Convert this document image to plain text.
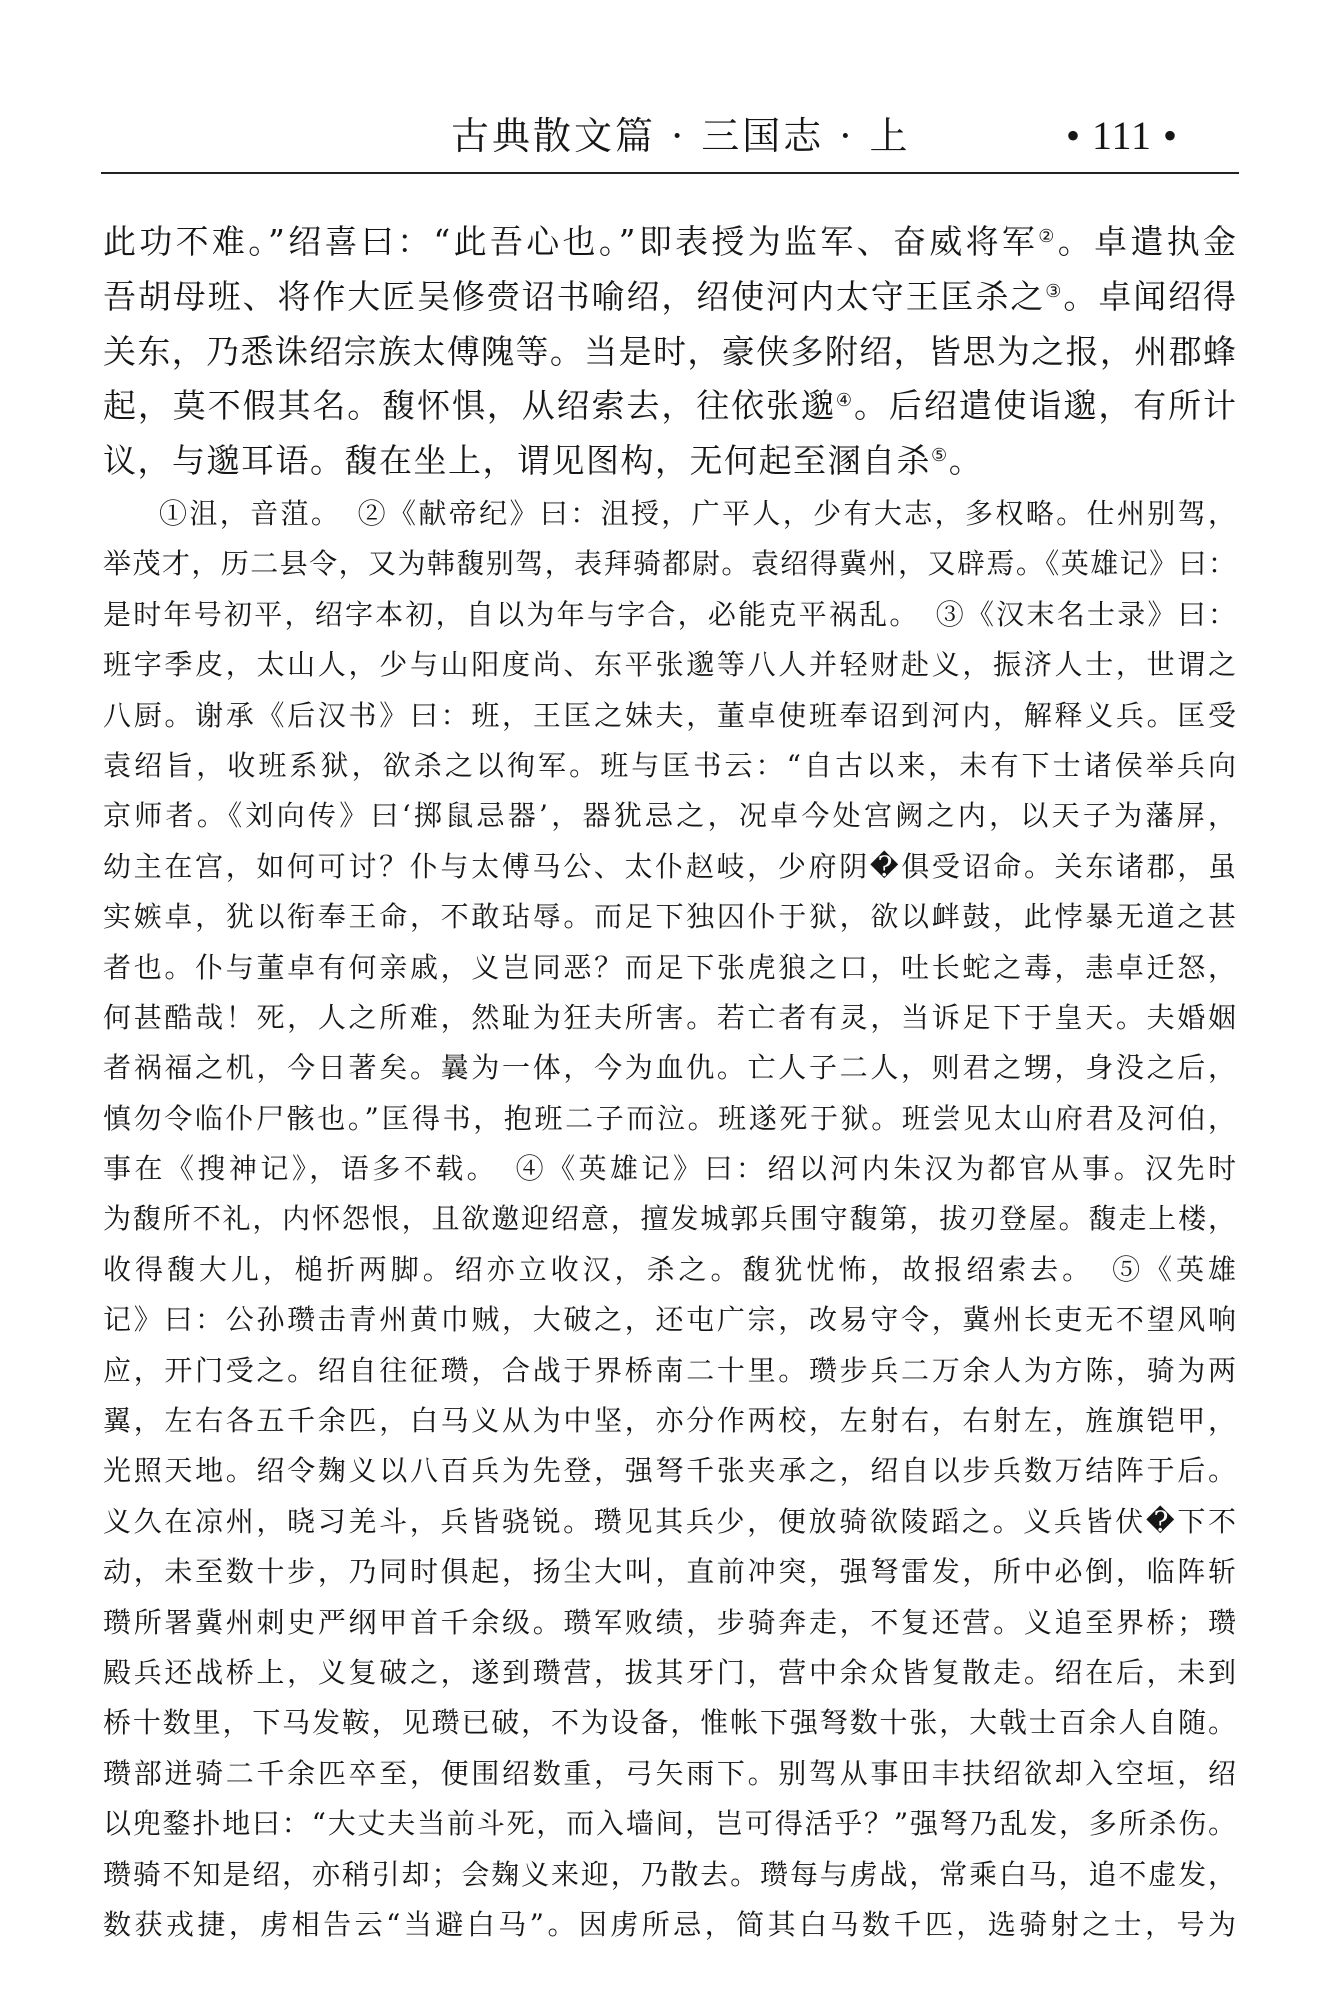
古典散文篇 · 三国志 · 上	• 111 •
此功不难。”绍喜曰：“此吾心也。”即表授为监军、奋威将军②。卓遣执金
吾胡母班、将作大匠吴修赍诏书喻绍，绍使河内太守王匡杀之③。卓闻绍得
关东，乃悉诛绍宗族太傅隗等。当是时，豪侠多附绍，皆思为之报，州郡蜂
起，莫不假其名。馥怀惧，从绍索去，往依张邈④。后绍遣使诣邈，有所计
议，与邈耳语。馥在坐上，谓见图构，无何起至溷自杀⑤。
①沮，音菹。　②《献帝纪》曰：沮授，广平人，少有大志，多权略。仕州别驾，
举茂才，历二县令，又为韩馥别驾，表拜骑都尉。袁绍得冀州，又辟焉。《英雄记》曰：
是时年号初平，绍字本初，自以为年与字合，必能克平祸乱。　③《汉末名士录》曰：
班字季皮，太山人，少与山阳度尚、东平张邈等八人并轻财赴义，振济人士，世谓之
八厨。谢承《后汉书》曰：班，王匡之妹夫，董卓使班奉诏到河内，解释义兵。匡受
袁绍旨，收班系狱，欲杀之以徇军。班与匡书云：“自古以来，未有下士诸侯举兵向
京师者。《刘向传》曰‘掷鼠忌器’，器犹忌之，况卓今处宫阙之内，以天子为藩屏，
幼主在宫，如何可讨？仆与太傅马公、太仆赵岐，少府阴�俱受诏命。关东诸郡，虽
实嫉卓，犹以衔奉王命，不敢玷辱。而足下独囚仆于狱，欲以衅鼓，此悖暴无道之甚
者也。仆与董卓有何亲戚，义岂同恶？而足下张虎狼之口，吐长蛇之毒，恚卓迁怒，
何甚酷哉！死，人之所难，然耻为狂夫所害。若亡者有灵，当诉足下于皇天。夫婚姻
者祸福之机，今日著矣。曩为一体，今为血仇。亡人子二人，则君之甥，身没之后，
慎勿令临仆尸骸也。”匡得书，抱班二子而泣。班遂死于狱。班尝见太山府君及河伯，
事在《搜神记》，语多不载。　④《英雄记》曰：绍以河内朱汉为都官从事。汉先时
为馥所不礼，内怀怨恨，且欲邀迎绍意，擅发城郭兵围守馥第，拔刃登屋。馥走上楼，
收得馥大儿，槌折两脚。绍亦立收汉，杀之。馥犹忧怖，故报绍索去。　⑤《英雄
记》曰：公孙瓒击青州黄巾贼，大破之，还屯广宗，改易守令，冀州长吏无不望风响
应，开门受之。绍自往征瓒，合战于界桥南二十里。瓒步兵二万余人为方陈，骑为两
翼，左右各五千余匹，白马义从为中坚，亦分作两校，左射右，右射左，旌旗铠甲，
光照天地。绍令麹义以八百兵为先登，强弩千张夹承之，绍自以步兵数万结阵于后。
义久在凉州，晓习羌斗，兵皆骁锐。瓒见其兵少，便放骑欲陵蹈之。义兵皆伏�下不
动，未至数十步，乃同时俱起，扬尘大叫，直前冲突，强弩雷发，所中必倒，临阵斩
瓒所署冀州刺史严纲甲首千余级。瓒军败绩，步骑奔走，不复还营。义追至界桥；瓒
殿兵还战桥上，义复破之，遂到瓒营，拔其牙门，营中余众皆复散走。绍在后，未到
桥十数里，下马发鞍，见瓒已破，不为设备，惟帐下强弩数十张，大戟士百余人自随。
瓒部迸骑二千余匹卒至，便围绍数重，弓矢雨下。别驾从事田丰扶绍欲却入空垣，绍
以兜鍪扑地曰：“大丈夫当前斗死，而入墙间，岂可得活乎？”强弩乃乱发，多所杀伤。
瓒骑不知是绍，亦稍引却；会麹义来迎，乃散去。瓒每与虏战，常乘白马，追不虚发，
数获戎捷，虏相告云“当避白马”。因虏所忌，简其白马数千匹，选骑射之士，号为
